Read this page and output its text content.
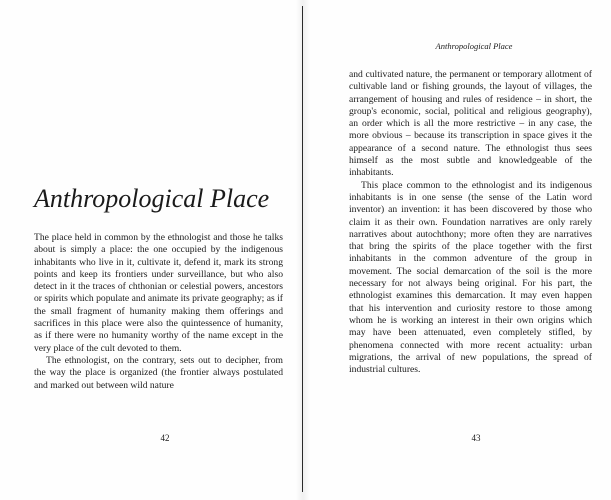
Anthropological Place

The place held in common by the ethnologist and those he talks about is simply a place: the one occupied by the indigenous inhabitants who live in it, cultivate it, defend it, mark its strong points and keep its frontiers under surveillance, but who also detect in it the traces of chthonian or celestial powers, ancestors or spirits which populate and animate its private geography; as if the small fragment of humanity making them offerings and sacrifices in this place were also the quintessence of humanity, as if there were no humanity worthy of the name except in the very place of the cult devoted to them.

The ethnologist, on the contrary, sets out to decipher, from the way the place is organized (the frontier always postulated and marked out between wild nature

42
Anthropological Place

and cultivated nature, the permanent or temporary allotment of cultivable land or fishing grounds, the layout of villages, the arrangement of housing and rules of residence – in short, the group's economic, social, political and religious geography), an order which is all the more restrictive – in any case, the more obvious – because its transcription in space gives it the appearance of a second nature. The ethnologist thus sees himself as the most subtle and knowledgeable of the inhabitants.

This place common to the ethnologist and its indigenous inhabitants is in one sense (the sense of the Latin word inventor) an invention: it has been discovered by those who claim it as their own. Foundation narratives are only rarely narratives about autochthony; more often they are narratives that bring the spirits of the place together with the first inhabitants in the common adventure of the group in movement. The social demarcation of the soil is the more necessary for not always being original. For his part, the ethnologist examines this demarcation. It may even happen that his intervention and curiosity restore to those among whom he is working an interest in their own origins which may have been attenuated, even completely stifled, by phenomena connected with more recent actuality: urban migrations, the arrival of new populations, the spread of industrial cultures.

43
